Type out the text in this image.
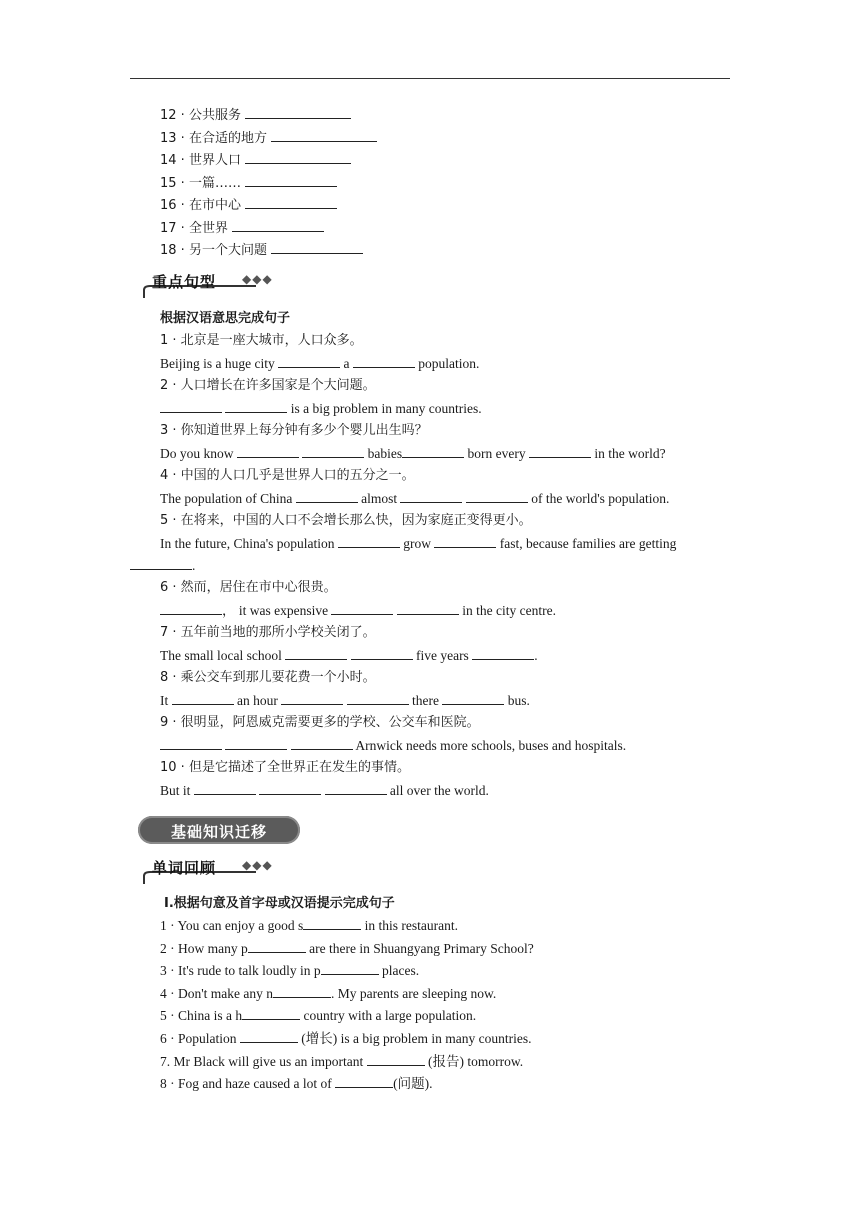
12 · 公共服务
13 · 在合适的地方
14 · 世界人口
15 · 一篇……
16 · 在市中心
17 · 全世界
18 · 另一个大问题
重点句型 ◆◆◆
根据汉语意思完成句子
1 · 北京是一座大城市，人口众多。
Beijing is a huge city	a	population.
2 · 人口增长在许多国家是个大问题。
is a big problem in many countries.
3 · 你知道世界上每分钟有多少个婴儿出生吗？
Do you know	babies	born every	in the world?
4 · 中国的人口几乎是世界人口的五分之一。
The population of China	almost	of the world's population.
5 · 在将来，中国的人口不会增长那么快，因为家庭正变得更小。
In the future, China's population	grow	fast, because families are getting
.
6 · 然而，居住在市中心很贵。
， it was expensive	in the city centre.
7 · 五年前当地的那所小学校关闭了。
The small local school	five years	.
8 · 乘公交车到那儿要花费一个小时。
It	an hour	there	bus.
9 · 很明显，阿恩威克需要更多的学校、公交车和医院。
Arnwick needs more schools, buses and hospitals.
10 · 但是它描述了全世界正在发生的事情。
But it	all over the world.
基础知识迁移
单词回顾 ◆◆◆
Ⅰ.根据句意及首字母或汉语提示完成句子
1 · You can enjoy a good s	in this restaurant.
2 · How many p	are there in Shuangyang Primary School?
3 · It's rude to talk loudly in p	places.
4 · Don't make any n	. My parents are sleeping now.
5 · China is a h	country with a large population.
6 · Population	(增长) is a big problem in many countries.
7. Mr Black will give us an important	(报告) tomorrow.
8 · Fog and haze caused a lot of	(问题).
